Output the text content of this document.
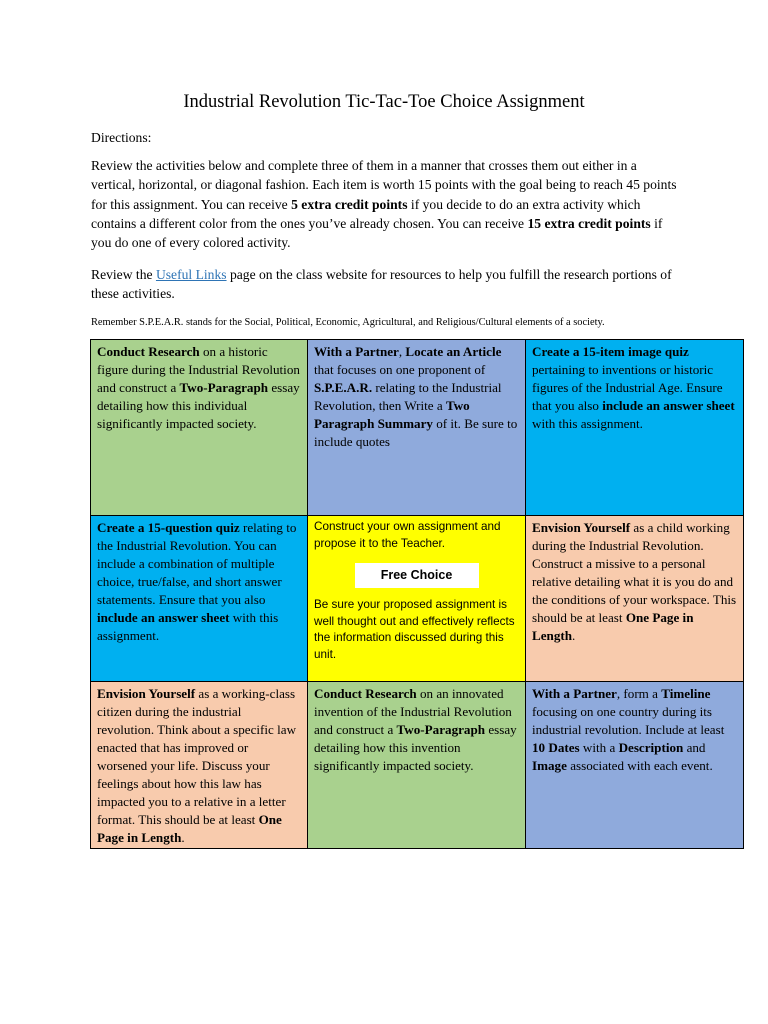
Industrial Revolution Tic-Tac-Toe Choice Assignment

Directions:

Review the activities below and complete three of them in a manner that crosses them out either in a vertical, horizontal, or diagonal fashion. Each item is worth 15 points with the goal being to reach 45 points for this assignment. You can receive 5 extra credit points if you decide to do an extra activity which contains a different color from the ones you’ve already chosen. You can receive 15 extra credit points if you do one of every colored activity.

Review the Useful Links page on the class website for resources to help you fulfill the research portions of these activities.

Remember S.P.E.A.R. stands for the Social, Political, Economic, Agricultural, and Religious/Cultural elements of a society.

Conduct Research on a historic figure during the Industrial Revolution and construct a Two-Paragraph essay detailing how this individual significantly impacted society.
With a Partner, Locate an Article that focuses on one proponent of S.P.E.A.R. relating to the Industrial Revolution, then Write a Two Paragraph Summary of it. Be sure to include quotes
Create a 15-item image quiz pertaining to inventions or historic figures of the Industrial Age. Ensure that you also include an answer sheet with this assignment.
Create a 15-question quiz relating to the Industrial Revolution. You can include a combination of multiple choice, true/false, and short answer statements. Ensure that you also include an answer sheet with this assignment.
Construct your own assignment and propose it to the Teacher.
Free Choice
Be sure your proposed assignment is well thought out and effectively reflects the information discussed during this unit.
Envision Yourself as a child working during the Industrial Revolution. Construct a missive to a personal relative detailing what it is you do and the conditions of your workspace. This should be at least One Page in Length.
Envision Yourself as a working-class citizen during the industrial revolution. Think about a specific law enacted that has improved or worsened your life. Discuss your feelings about how this law has impacted you to a relative in a letter format. This should be at least One Page in Length.
Conduct Research on an innovated invention of the Industrial Revolution and construct a Two-Paragraph essay detailing how this invention significantly impacted society.
With a Partner, form a Timeline focusing on one country during its industrial revolution. Include at least 10 Dates with a Description and Image associated with each event.
